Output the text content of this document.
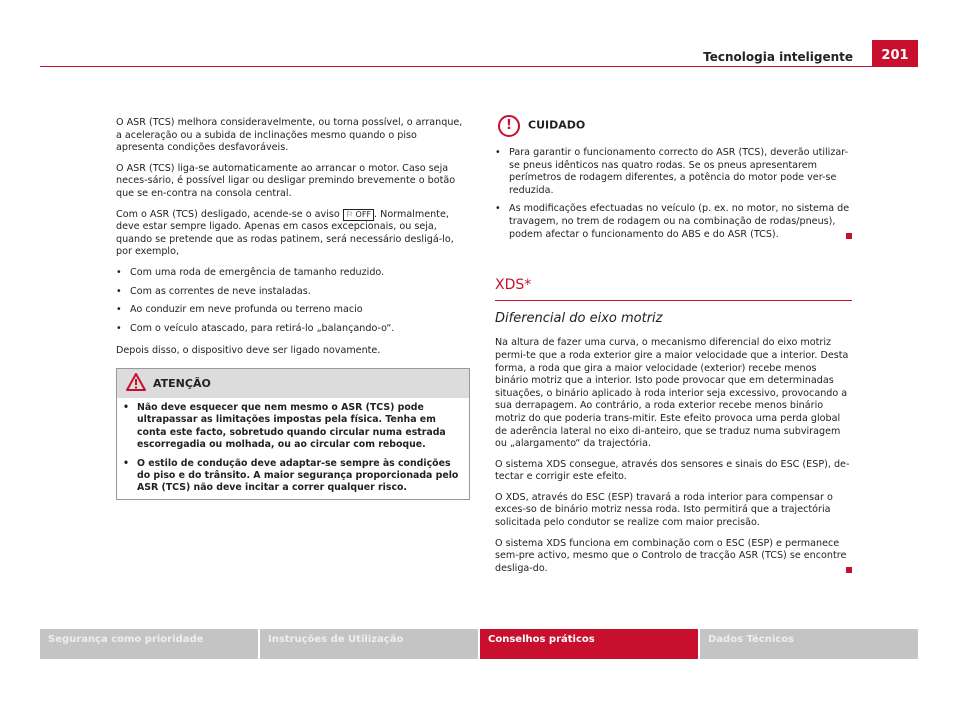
Tecnologia inteligente	201

O ASR (TCS) melhora consideravelmente, ou torna possível, o arranque, a aceleração ou a subida de inclinações mesmo quando o piso apresenta condições desfavoráveis.

O ASR (TCS) liga-se automaticamente ao arrancar o motor. Caso seja neces-sário, é possível ligar ou desligar premindo brevemente o botão que se en-contra na consola central.

Com o ASR (TCS) desligado, acende-se o aviso ⚐ OFF . Normalmente, deve estar sempre ligado. Apenas em casos excepcionais, ou seja, quando se pretende que as rodas patinem, será necessário desligá-lo, por exemplo,

• Com uma roda de emergência de tamanho reduzido.
• Com as correntes de neve instaladas.
• Ao conduzir em neve profunda ou terreno macio
• Com o veículo atascado, para retirá-lo „balançando-o“.

Depois disso, o dispositivo deve ser ligado novamente.

ATENÇÃO
• Não deve esquecer que nem mesmo o ASR (TCS) pode ultrapassar as limitações impostas pela física. Tenha em conta este facto, sobretudo quando circular numa estrada escorregadia ou molhada, ou ao circular com reboque.
• O estilo de condução deve adaptar-se sempre às condições do piso e do trânsito. A maior segurança proporcionada pelo ASR (TCS) não deve incitar a correr qualquer risco.
! CUIDADO
• Para garantir o funcionamento correcto do ASR (TCS), deverão utilizar-se pneus idênticos nas quatro rodas. Se os pneus apresentarem perímetros de rodagem diferentes, a potência do motor pode ver-se reduzida.
• As modificações efectuadas no veículo (p. ex. no motor, no sistema de travagem, no trem de rodagem ou na combinação de rodas/pneus), podem afectar o funcionamento do ABS e do ASR (TCS).
XDS*
Diferencial do eixo motriz

Na altura de fazer uma curva, o mecanismo diferencial do eixo motriz permi-te que a roda exterior gire a maior velocidade que a interior. Desta forma, a roda que gira a maior velocidade (exterior) recebe menos binário motriz que a interior. Isto pode provocar que em determinadas situações, o binário aplicado à roda interior seja excessivo, provocando a sua derrapagem. Ao contrário, a roda exterior recebe menos binário motriz do que poderia trans-mitir. Este efeito provoca uma perda global de aderência lateral no eixo di-anteiro, que se traduz numa subviragem ou „alargamento“ da trajectória.

O sistema XDS consegue, através dos sensores e sinais do ESC (ESP), de-tectar e corrigir este efeito.

O XDS, através do ESC (ESP) travará a roda interior para compensar o exces-so de binário motriz nessa roda. Isto permitirá que a trajectória solicitada pelo condutor se realize com maior precisão.

O sistema XDS funciona em combinação com o ESC (ESP) e permanece sem-pre activo, mesmo que o Controlo de tracção ASR (TCS) se encontre desliga-do.

Segurança como prioridade	Instruções de Utilização	Conselhos práticos	Dados Técnicos
